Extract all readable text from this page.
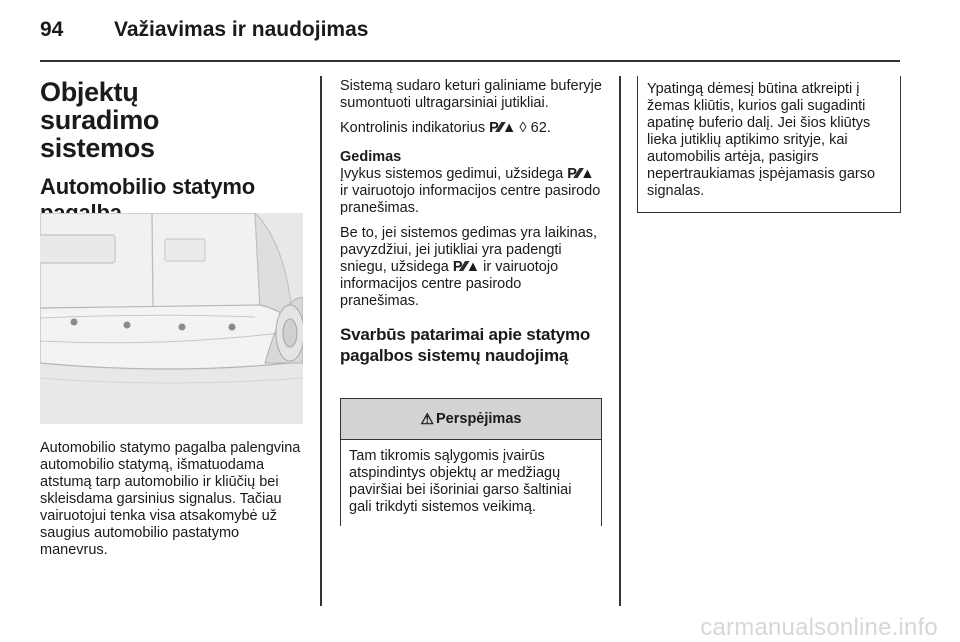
94	Važiavimas ir naudojimas
Objektų suradimo sistemos
Automobilio statymo

Automobilio statymo pagalba palengvina automobilio statymą, išmatuodama atstumą tarp automobilio ir kliūčių bei skleisdama garsinius signalus. Tačiau vairuotojui tenka visa atsakomybė už saugius automobilio pastatymo manevrus.

Sistemą sudaro keturi galiniame buferyje sumontuoti ultragarsiniai jutikliai.

Kontrolinis indikatorius P⁄⁄⁄▲ ◊ 62.

Gedimas

Įvykus sistemos gedimui, užsidega P⁄⁄⁄▲ ir vairuotojo informacijos centre pasirodo pranešimas.

Be to, jei sistemos gedimas yra laikinas, pavyzdžiui, jei jutikliai yra padengti sniegu, užsidega P⁄⁄⁄▲ ir vairuotojo informacijos centre pasirodo pranešimas.

Svarbūs patarimai apie statymo pagalbos sistemų naudojimą
⚠ Perspėjimas

Tam tikromis sąlygomis įvairūs atspindintys objektų ar medžiagų paviršiai bei išoriniai garso šaltiniai gali trikdyti sistemos veikimą.

Ypatingą dėmesį būtina atkreipti į žemas kliūtis, kurios gali sugadinti apatinę buferio dalį. Jei šios kliūtys lieka jutiklių aptikimo srityje, kai automobilis artėja, pasigirs nepertraukiamas įspėjamasis garso signalas.

carmanualsonline.info
